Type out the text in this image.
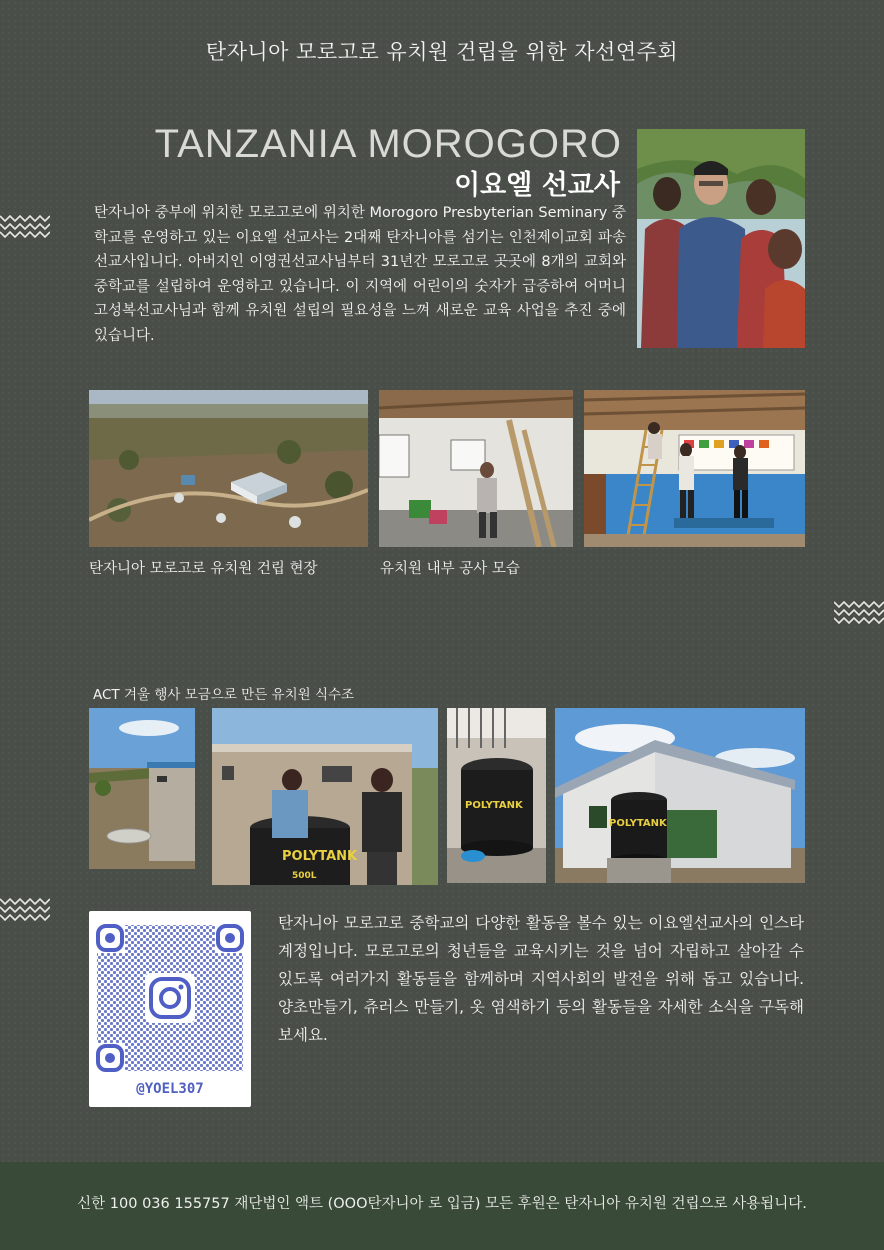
탄자니아 모로고로 유치원 건립을 위한 자선연주회
TANZANIA MOROGORO
이요엘 선교사
탄자니아 중부에 위치한 모로고로에 위치한 Morogoro Presbyterian Seminary 중학교를 운영하고 있는 이요엘 선교사는 2대째 탄자니아를 섬기는 인천제이교회 파송 선교사입니다. 아버지인 이영권선교사님부터 31년간 모로고로 곳곳에 8개의 교회와 중학교를 설립하여 운영하고 있습니다. 이 지역에 어린이의 숫자가 급증하여 어머니 고성복선교사님과 함께 유치원 설립의 필요성을 느껴 새로운 교육 사업을 추진 중에 있습니다.
탄자니아 모로고로 유치원 건립 현장	유치원 내부 공사 모습
ACT 겨울 행사 모금으로 만든 유치원 식수조
POLYTANK
500L
POLYTANK
POLYTANK
@YOEL307
탄자니아 모로고로 중학교의 다양한 활동을 볼수 있는 이요엘선교사의 인스타 계정입니다. 모로고로의 청년들을 교육시키는 것을 넘어 자립하고 살아갈 수 있도록 여러가지 활동들을 함께하며 지역사회의 발전을 위해 돕고 있습니다. 양초만들기, 츄러스 만들기, 옷 염색하기 등의 활동들을 자세한 소식을 구독해보세요.
신한 100 036 155757 재단법인 액트 (OOO탄자니아 로 입금) 모든 후원은 탄자니아 유치원 건립으로 사용됩니다.
